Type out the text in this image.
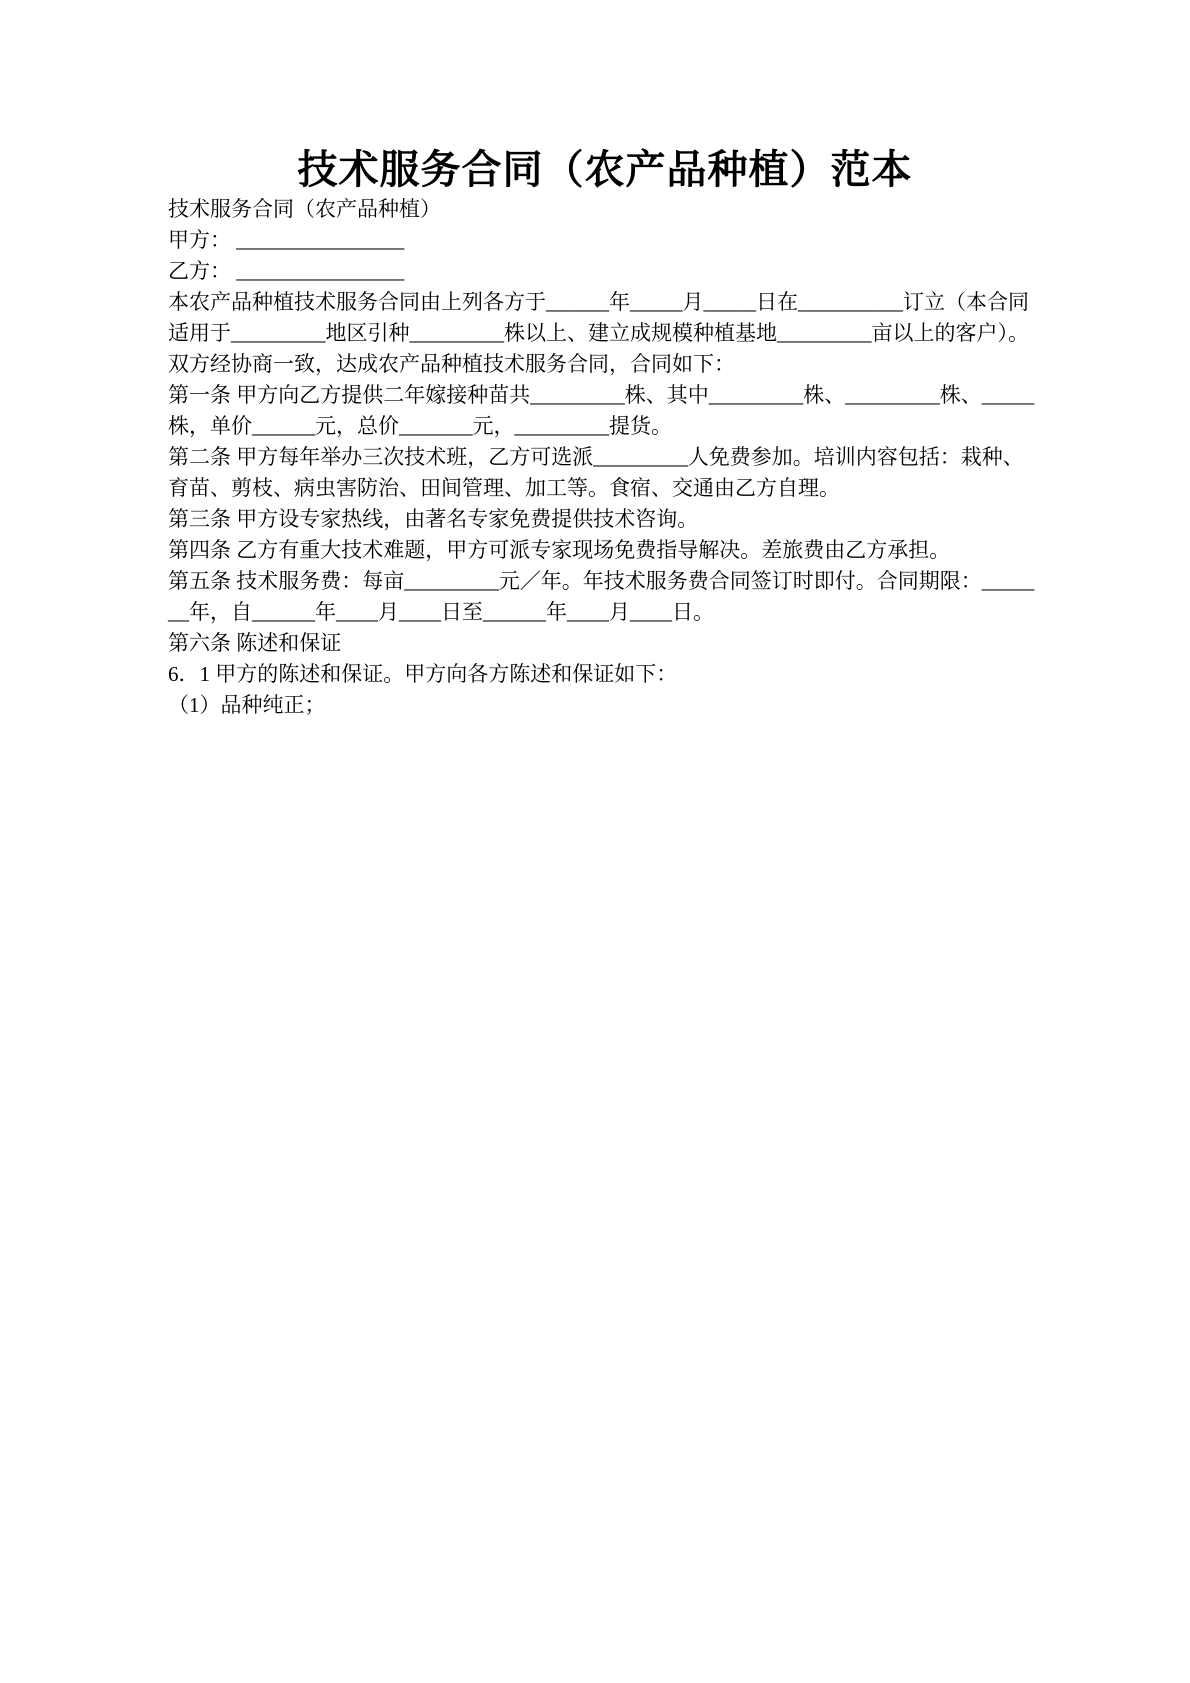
技术服务合同（农产品种植）范本

技术服务合同（农产品种植）

甲方： ________________

乙方： ________________

本农产品种植技术服务合同由上列各方于______年_____月_____日在__________订立（本合同适用于_________地区引种_________株以上、建立成规模种植基地_________亩以上的客户）。

双方经协商一致，达成农产品种植技术服务合同，合同如下：

第一条 甲方向乙方提供二年嫁接种苗共_________株、其中_________株、_________株、_____株，单价______元，总价_______元，_________提货。

第二条 甲方每年举办三次技术班，乙方可选派_________人免费参加。培训内容包括：栽种、育苗、剪枝、病虫害防治、田间管理、加工等。食宿、交通由乙方自理。

第三条 甲方设专家热线，由著名专家免费提供技术咨询。

第四条 乙方有重大技术难题，甲方可派专家现场免费指导解决。差旅费由乙方承担。

第五条 技术服务费：每亩_________元／年。年技术服务费合同签订时即付。合同期限：_______年，自______年____月____日至______年____月____日。

第六条 陈述和保证

6．1 甲方的陈述和保证。甲方向各方陈述和保证如下：

（1）品种纯正；
